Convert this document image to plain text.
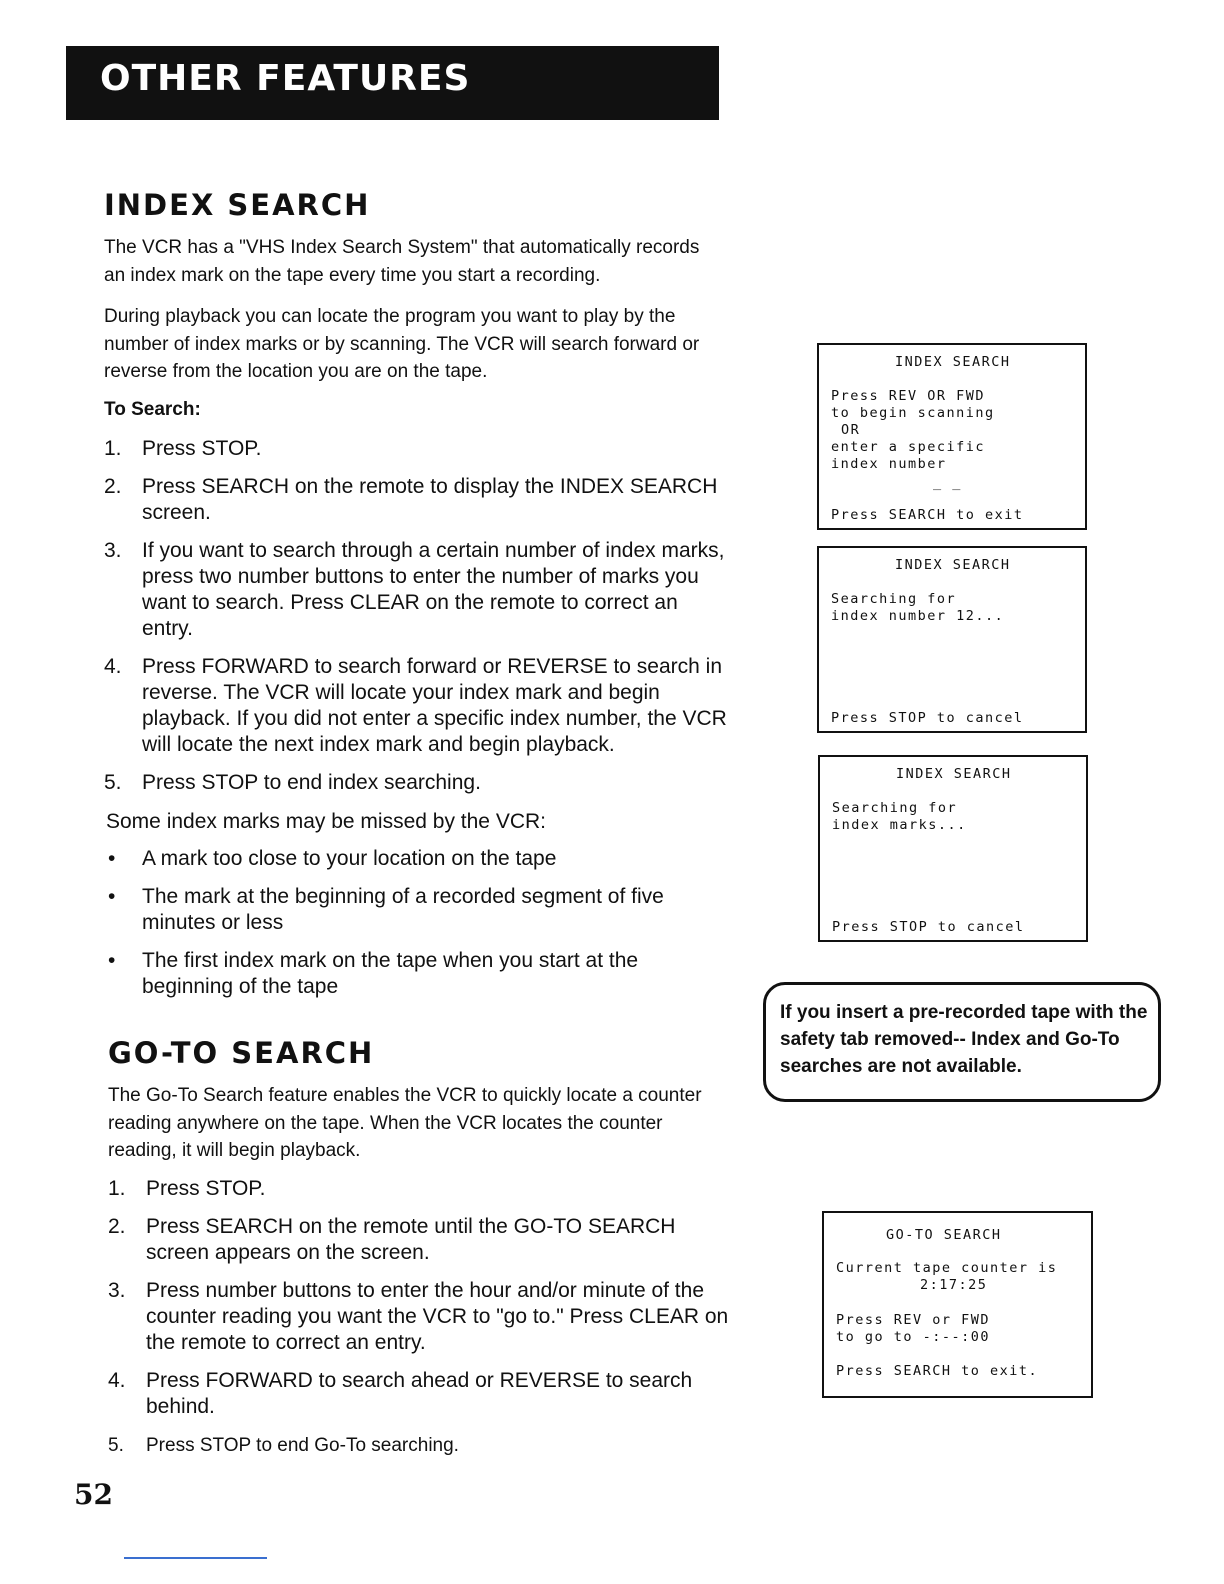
OTHER FEATURES
INDEX SEARCH

The VCR has a "VHS Index Search System" that automatically records an index mark on the tape every time you start a recording.

During playback you can locate the program you want to play by the number of index marks or by scanning. The VCR will search forward or reverse from the location you are on the tape.

To Search:

1. Press STOP.
2. Press SEARCH on the remote to display the INDEX SEARCH screen.
3. If you want to search through a certain number of index marks, press two number buttons to enter the number of marks you want to search. Press CLEAR on the remote to correct an entry.
4. Press FORWARD to search forward or REVERSE to search in reverse. The VCR will locate your index mark and begin playback. If you did not enter a specific index number, the VCR will locate the next index mark and begin playback.
5. Press STOP to end index searching.

Some index marks may be missed by the VCR:

• A mark too close to your location on the tape
• The mark at the beginning of a recorded segment of five minutes or less
• The first index mark on the tape when you start at the beginning of the tape
GO-TO SEARCH

The Go-To Search feature enables the VCR to quickly locate a counter reading anywhere on the tape. When the VCR locates the counter reading, it will begin playback.

1. Press STOP.
2. Press SEARCH on the remote until the GO-TO SEARCH screen appears on the screen.
3. Press number buttons to enter the hour and/or minute of the counter reading you want the VCR to "go to." Press CLEAR on the remote to correct an entry.
4. Press FORWARD to search ahead or REVERSE to search behind.
5. Press STOP to end Go-To searching.
INDEX SEARCH
Press REV OR FWD
to begin scanning
OR
enter a specific
index number
_ _
Press SEARCH to exit
INDEX SEARCH
Searching for
index number 12...
Press STOP to cancel
INDEX SEARCH
Searching for
index marks...
Press STOP to cancel
If you insert a pre-recorded tape with the safety tab removed-- Index and Go-To searches are not available.
GO-TO SEARCH
Current tape counter is
2:17:25
Press REV or FWD
to go to -:--:00
Press SEARCH to exit.
52
